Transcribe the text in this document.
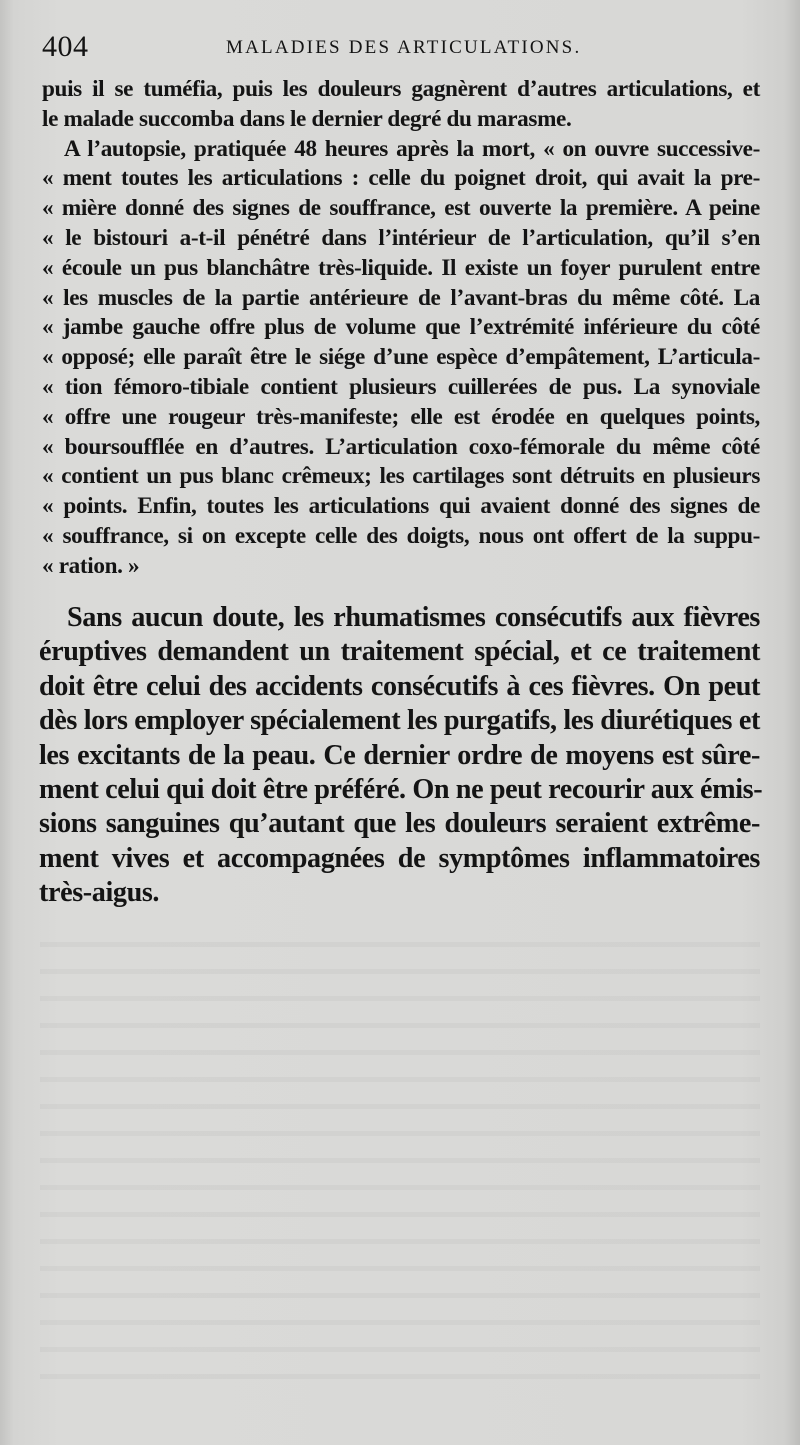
404	MALADIES DES ARTICULATIONS.
puis il se tuméfia, puis les douleurs gagnèrent d’autres articulations, et
le malade succomba dans le dernier degré du marasme.
A l’autopsie, pratiquée 48 heures après la mort, « on ouvre successive-
« ment toutes les articulations : celle du poignet droit, qui avait la pre-
« mière donné des signes de souffrance, est ouverte la première. A peine
« le bistouri a-t-il pénétré dans l’intérieur de l’articulation, qu’il s’en
« écoule un pus blanchâtre très-liquide. Il existe un foyer purulent entre
« les muscles de la partie antérieure de l’avant-bras du même côté. La
« jambe gauche offre plus de volume que l’extrémité inférieure du côté
« opposé; elle paraît être le siége d’une espèce d’empâtement, L’articula-
« tion fémoro-tibiale contient plusieurs cuillerées de pus. La synoviale
« offre une rougeur très-manifeste; elle est érodée en quelques points,
« boursoufflée en d’autres. L’articulation coxo-fémorale du même côté
« contient un pus blanc crêmeux; les cartilages sont détruits en plusieurs
« points. Enfin, toutes les articulations qui avaient donné des signes de
« souffrance, si on excepte celle des doigts, nous ont offert de la suppu-
« ration. »
Sans aucun doute, les rhumatismes consécutifs aux fièvres
éruptives demandent un traitement spécial, et ce traitement
doit être celui des accidents consécutifs à ces fièvres. On peut
dès lors employer spécialement les purgatifs, les diurétiques et
les excitants de la peau. Ce dernier ordre de moyens est sûre-
ment celui qui doit être préféré. On ne peut recourir aux émis-
sions sanguines qu’autant que les douleurs seraient extrême-
ment vives et accompagnées de symptômes inflammatoires
très-aigus.
